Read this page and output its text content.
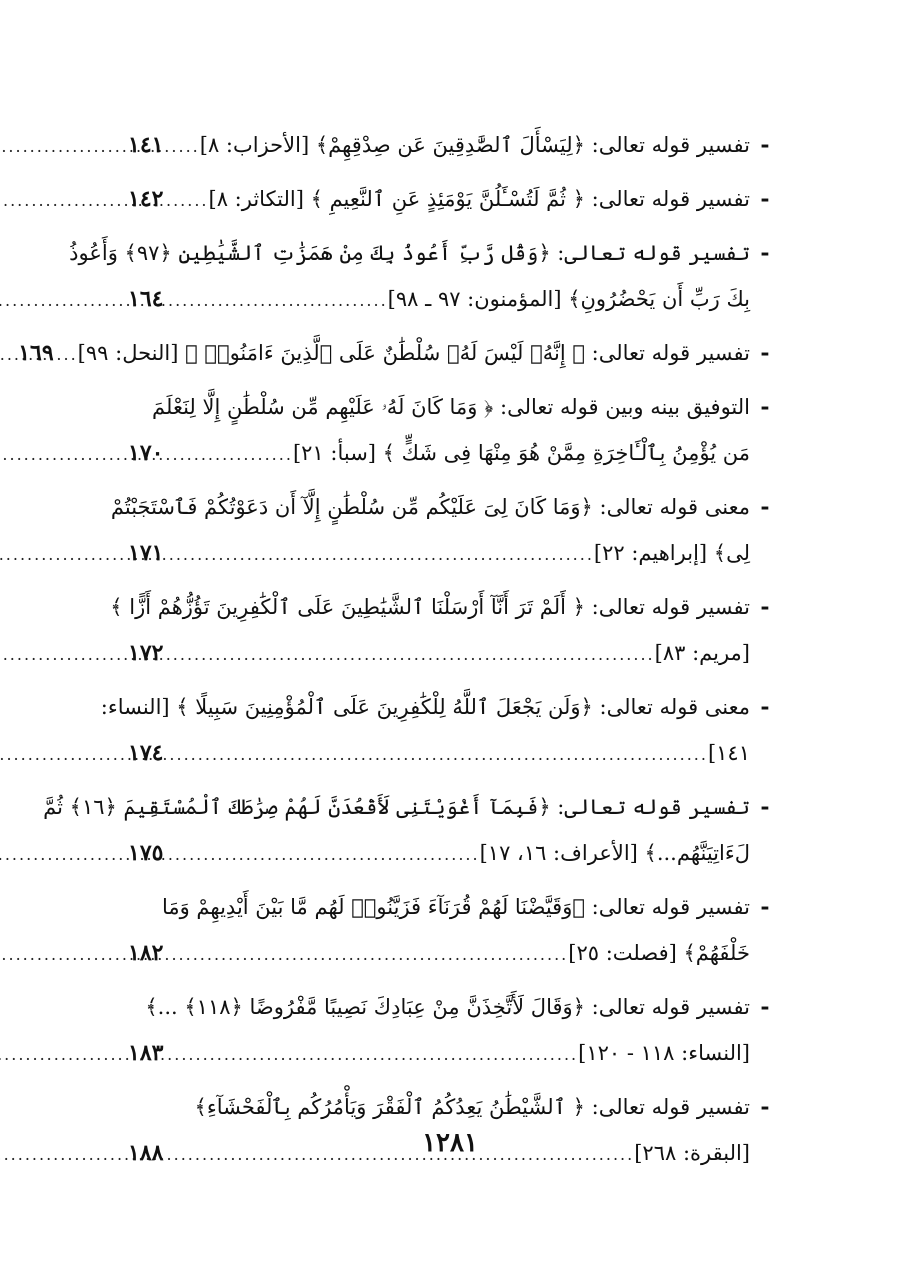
-
تفسير قوله تعالى: ﴿لِيَسْأَلَ ٱلصَّٰدِقِينَ عَن صِدْقِهِمْ﴾ [الأحزاب: ٨]
.....
١٤١
-
تفسير قوله تعالى: ﴿ ثُمَّ لَتُسْـَٔلُنَّ يَوْمَئِذٍ عَنِ ٱلنَّعِيمِ ﴾ [التكاثر: ٨]
.....
١٤٢
-
تفسير قوله تعالى: ﴿وَقُل رَّبِّ أَعُوذُ بِكَ مِنْ هَمَزَٰتِ ٱلشَّيَٰطِينِ ﴿٩٧﴾ وَأَعُوذُ
بِكَ رَبِّ أَن يَحْضُرُونِ﴾ [المؤمنون: ٩٧ ـ ٩٨]
.....
١٦٤
-
تفسير قوله تعالى: ﴿ إِنَّهُۥ لَيْسَ لَهُۥ سُلْطَٰنٌ عَلَى ٱلَّذِينَ ءَامَنُوا۟ ﴾ [النحل: ٩٩]
.....
١٦٩
-
التوفيق بينه وبين قوله تعالى: ﴿ وَمَا كَانَ لَهُۥ عَلَيْهِم مِّن سُلْطَٰنٍ إِلَّا لِنَعْلَمَ
مَن يُؤْمِنُ بِٱلْـَٔاخِرَةِ مِمَّنْ هُوَ مِنْهَا فِى شَكٍّ ﴾ [سبأ: ٢١]
.....
١٧٠
-
معنى قوله تعالى: ﴿وَمَا كَانَ لِىَ عَلَيْكُم مِّن سُلْطَٰنٍ إِلَّآ أَن دَعَوْتُكُمْ فَٱسْتَجَبْتُمْ
لِى﴾ [إبراهيم: ٢٢]
.....
١٧١
-
تفسير قوله تعالى: ﴿ أَلَمْ تَرَ أَنَّآ أَرْسَلْنَا ٱلشَّيَٰطِينَ عَلَى ٱلْكَٰفِرِينَ تَؤُزُّهُمْ أَزًّا ﴾
[مريم: ٨٣]
.....
١٧٢
-
معنى قوله تعالى: ﴿وَلَن يَجْعَلَ ٱللَّهُ لِلْكَٰفِرِينَ عَلَى ٱلْمُؤْمِنِينَ سَبِيلًا ﴾ [النساء:
١٤١]
.....
١٧٤
-
تفسير قوله تعالى: ﴿فَبِمَآ أَغْوَيْتَنِى لَأَقْعُدَنَّ لَهُمْ صِرَٰطَكَ ٱلْمُسْتَقِيمَ ﴿١٦﴾ ثُمَّ
لَءَاتِيَنَّهُم...﴾ [الأعراف: ١٦، ١٧]
.....
١٧٥
-
تفسير قوله تعالى: ﴿وَقَيَّضْنَا لَهُمْ قُرَنَآءَ فَزَيَّنُوا۟ لَهُم مَّا بَيْنَ أَيْدِيهِمْ وَمَا
خَلْفَهُمْ﴾ [فصلت: ٢٥]
.....
١٨٢
-
تفسير قوله تعالى: ﴿وَقَالَ لَأَتَّخِذَنَّ مِنْ عِبَادِكَ نَصِيبًا مَّفْرُوضًا ﴿١١٨﴾ ...﴾
[النساء: ١١٨ - ١٢٠]
.....
١٨٣
-
تفسير قوله تعالى: ﴿ ٱلشَّيْطَٰنُ يَعِدُكُمُ ٱلْفَقْرَ وَيَأْمُرُكُم بِٱلْفَحْشَآءِ﴾
[البقرة: ٢٦٨]
.....
١٨٨	١٢٨١
